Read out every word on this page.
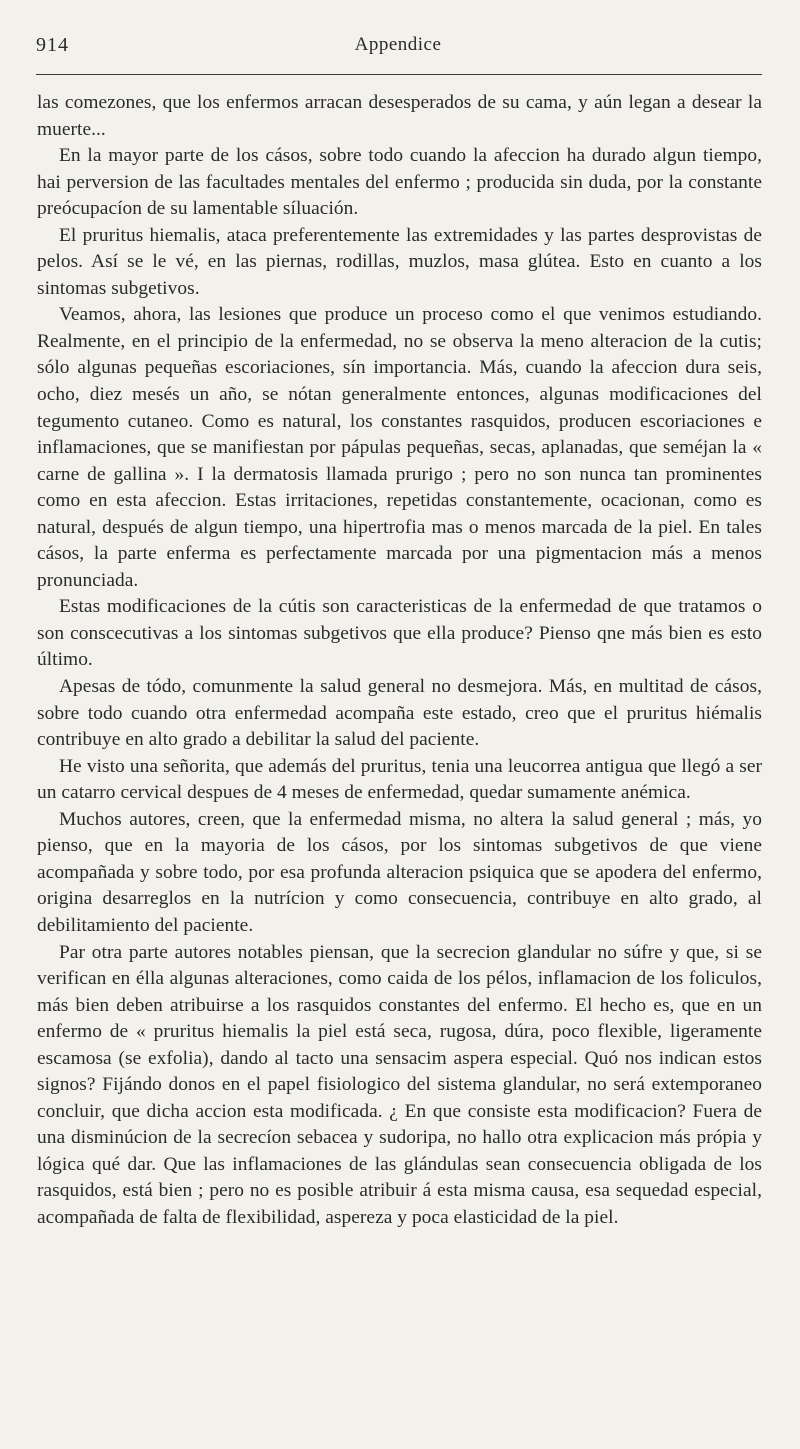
914	Appendice

las comezones, que los enfermos arracan desesperados de su cama, y aún legan a desear la muerte...

En la mayor parte de los cásos, sobre todo cuando la afeccion ha durado algun tiempo, hai perversion de las facultades mentales del enfermo ; producida sin duda, por la constante preócupacíon de su lamentable síluación.

El pruritus hiemalis, ataca preferentemente las extremidades y las partes desprovistas de pelos. Así se le vé, en las piernas, rodillas, muzlos, masa glútea. Esto en cuanto a los sintomas subgetivos.

Veamos, ahora, las lesiones que produce un proceso como el que venimos estudiando. Realmente, en el principio de la enfermedad, no se observa la meno alteracion de la cutis; sólo algunas pequeñas escoriaciones, sín importancia. Más, cuando la afeccion dura seis, ocho, diez mesés un año, se nótan generalmente entonces, algunas modificaciones del tegumento cutaneo. Como es natural, los constantes rasquidos, producen escoriaciones e inflamaciones, que se manifiestan por pápulas pequeñas, secas, aplanadas, que seméjan la « carne de gallina ». I la dermatosis llamada prurigo ; pero no son nunca tan prominentes como en esta afeccion. Estas irritaciones, repetidas constantemente, ocacionan, como es natural, después de algun tiempo, una hipertrofia mas o menos marcada de la piel. En tales cásos, la parte enferma es perfectamente marcada por una pigmentacion más a menos pronunciada.

Estas modificaciones de la cútis son caracteristicas de la enfermedad de que tratamos o son conscecutivas a los sintomas subgetivos que ella produce? Pienso qne más bien es esto último.

Apesas de tódo, comunmente la salud general no desmejora. Más, en multitad de cásos, sobre todo cuando otra enfermedad acompaña este estado, creo que el pruritus hiémalis contribuye en alto grado a debilitar la salud del paciente.

He visto una señorita, que además del pruritus, tenia una leucorrea antigua que llegó a ser un catarro cervical despues de 4 meses de enfermedad, quedar sumamente anémica.

Muchos autores, creen, que la enfermedad misma, no altera la salud general ; más, yo pienso, que en la mayoria de los cásos, por los sintomas subgetivos de que viene acompañada y sobre todo, por esa profunda alteracion psiquica que se apodera del enfermo, origina desarreglos en la nutrícion y como consecuencia, contribuye en alto grado, al debilitamiento del paciente.

Par otra parte autores notables piensan, que la secrecion glandular no súfre y que, si se verifican en élla algunas alteraciones, como caida de los pélos, inflamacion de los foliculos, más bien deben atribuirse a los rasquidos constantes del enfermo. El hecho es, que en un enfermo de « pruritus hiemalis la piel está seca, rugosa, dúra, poco flexible, ligeramente escamosa (se exfolia), dando al tacto una sensacim aspera especial. Quó nos indican estos signos? Fijándo donos en el papel fisiologico del sistema glandular, no será extemporaneo concluir, que dicha accion esta modificada. ¿ En que consiste esta modificacion? Fuera de una disminúcion de la secrecíon sebacea y sudoripa, no hallo otra explicacion más própia y lógica qué dar. Que las inflamaciones de las glándulas sean consecuencia obligada de los rasquidos, está bien ; pero no es posible atribuir á esta misma causa, esa sequedad especial, acompañada de falta de flexibilidad, aspereza y poca elasticidad de la piel.
